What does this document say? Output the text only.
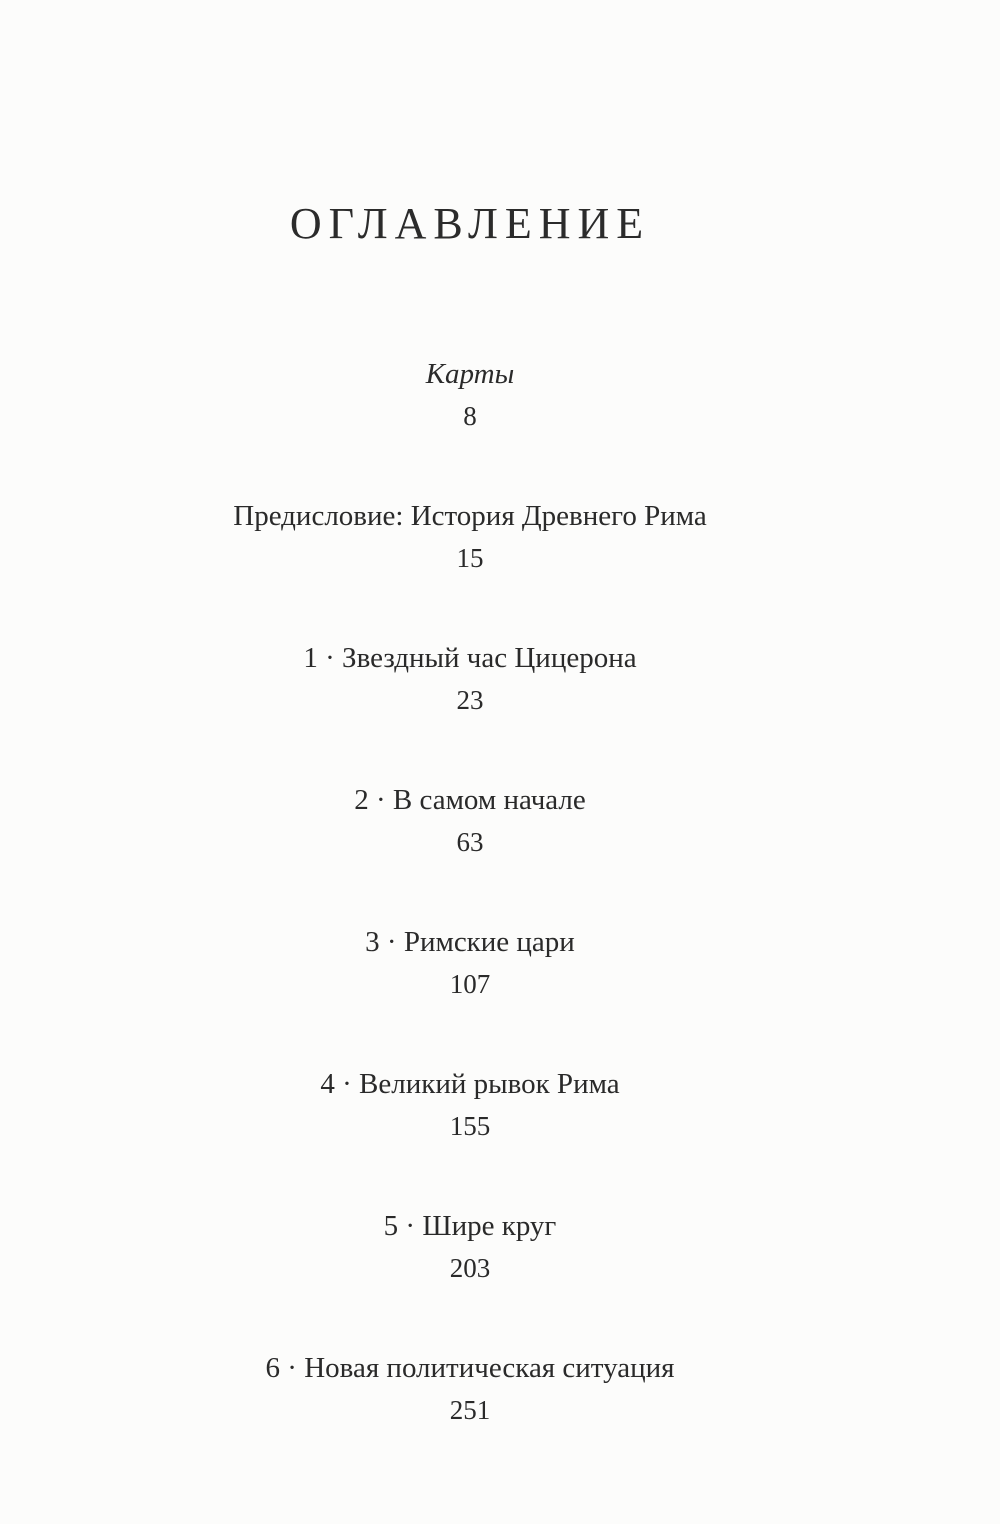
ОГЛАВЛЕНИЕ
Карты
8
Предисловие: История Древнего Рима
15
1 · Звездный час Цицерона
23
2 · В самом начале
63
3 · Римские цари
107
4 · Великий рывок Рима
155
5 · Шире круг
203
6 · Новая политическая ситуация
251
